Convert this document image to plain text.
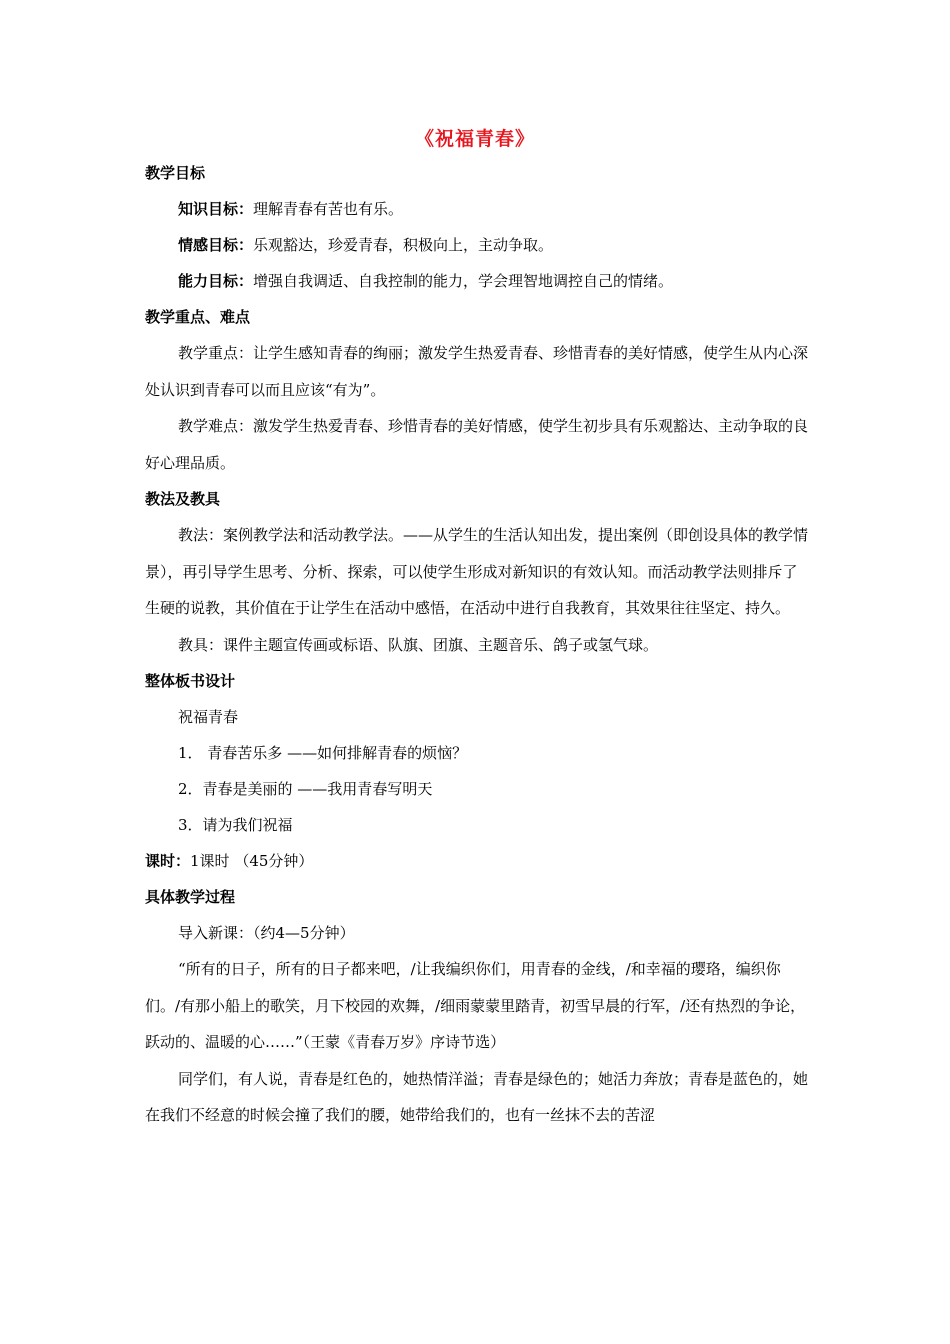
《祝福青春》
教学目标
知识目标：理解青春有苦也有乐。
情感目标：乐观豁达，珍爱青春，积极向上，主动争取。
能力目标：增强自我调适、自我控制的能力，学会理智地调控自己的情绪。
教学重点、难点

教学重点：让学生感知青春的绚丽；激发学生热爱青春、珍惜青春的美好情感，使学生从内心深处认识到青春可以而且应该“有为”。

教学难点：激发学生热爱青春、珍惜青春的美好情感，使学生初步具有乐观豁达、主动争取的良好心理品质。

教法及教具

教法：案例教学法和活动教学法。——从学生的生活认知出发，提出案例（即创设具体的教学情景），再引导学生思考、分析、探索，可以使学生形成对新知识的有效认知。而活动教学法则排斥了生硬的说教，其价值在于让学生在活动中感悟，在活动中进行自我教育，其效果往往坚定、持久。

教具：课件主题宣传画或标语、队旗、团旗、主题音乐、鸽子或氢气球。

整体板书设计
祝福青春
1． 青春苦乐多 ——如何排解青春的烦恼？
2．青春是美丽的 ——我用青春写明天
3．请为我们祝福
课时：1课时 （45分钟）
具体教学过程
导入新课：（约4—5分钟）

“所有的日子，所有的日子都来吧，/让我编织你们，用青春的金线，/和幸福的璎珞，编织你们。/有那小船上的歌笑，月下校园的欢舞，/细雨蒙蒙里踏青，初雪早晨的行军，/还有热烈的争论，跃动的、温暖的心……”（王蒙《青春万岁》序诗节选）

同学们，有人说，青春是红色的，她热情洋溢；青春是绿色的；她活力奔放；青春是蓝色的，她在我们不经意的时候会撞了我们的腰，她带给我们的，也有一丝抹不去的苦涩
